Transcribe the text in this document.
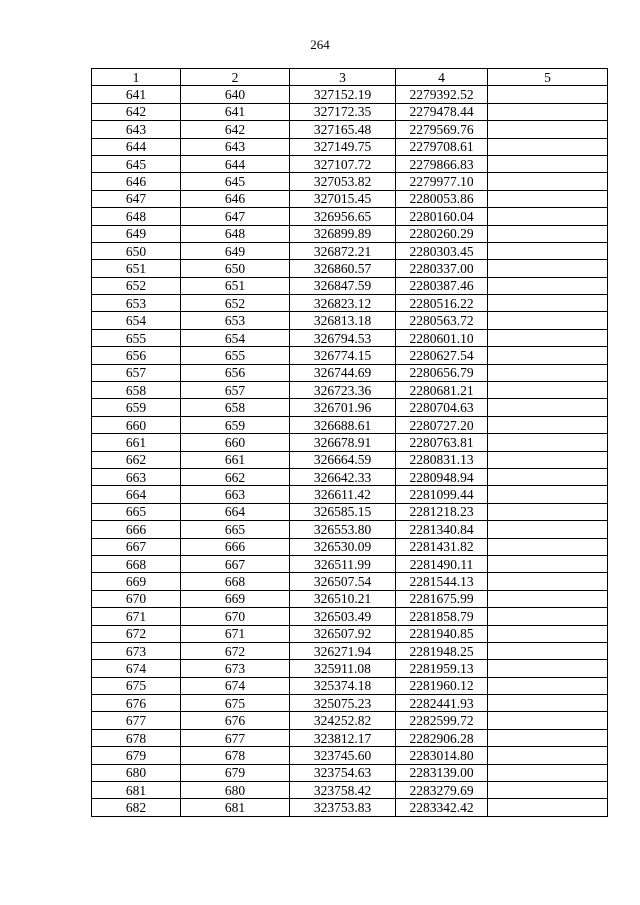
264
1	2	3	4	5
641	640	327152.19	2279392.52	
642	641	327172.35	2279478.44	
643	642	327165.48	2279569.76	
644	643	327149.75	2279708.61	
645	644	327107.72	2279866.83	
646	645	327053.82	2279977.10	
647	646	327015.45	2280053.86	
648	647	326956.65	2280160.04	
649	648	326899.89	2280260.29	
650	649	326872.21	2280303.45	
651	650	326860.57	2280337.00	
652	651	326847.59	2280387.46	
653	652	326823.12	2280516.22	
654	653	326813.18	2280563.72	
655	654	326794.53	2280601.10	
656	655	326774.15	2280627.54	
657	656	326744.69	2280656.79	
658	657	326723.36	2280681.21	
659	658	326701.96	2280704.63	
660	659	326688.61	2280727.20	
661	660	326678.91	2280763.81	
662	661	326664.59	2280831.13	
663	662	326642.33	2280948.94	
664	663	326611.42	2281099.44	
665	664	326585.15	2281218.23	
666	665	326553.80	2281340.84	
667	666	326530.09	2281431.82	
668	667	326511.99	2281490.11	
669	668	326507.54	2281544.13	
670	669	326510.21	2281675.99	
671	670	326503.49	2281858.79	
672	671	326507.92	2281940.85	
673	672	326271.94	2281948.25	
674	673	325911.08	2281959.13	
675	674	325374.18	2281960.12	
676	675	325075.23	2282441.93	
677	676	324252.82	2282599.72	
678	677	323812.17	2282906.28	
679	678	323745.60	2283014.80	
680	679	323754.63	2283139.00	
681	680	323758.42	2283279.69	
682	681	323753.83	2283342.42	
